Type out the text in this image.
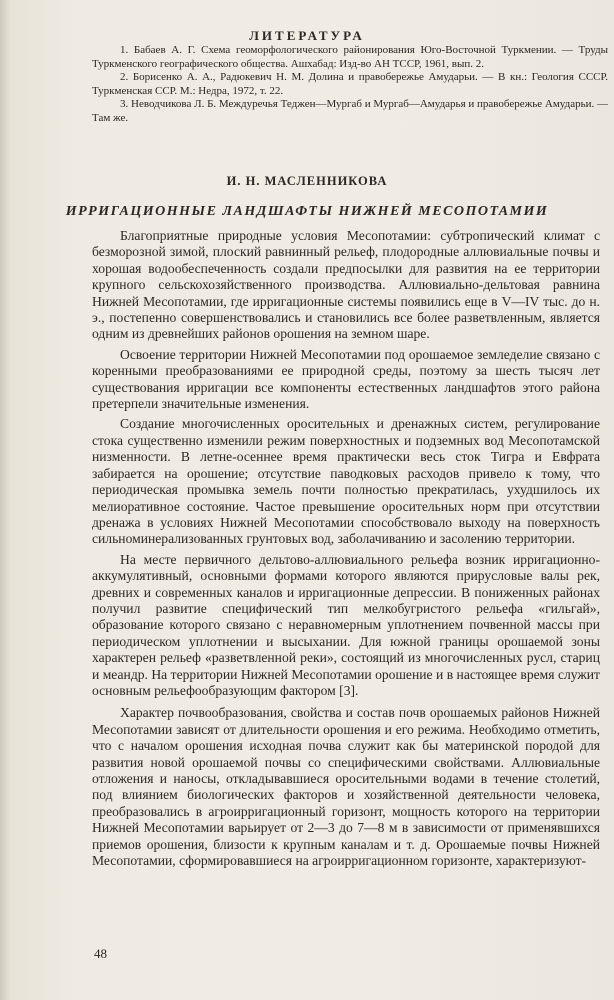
ЛИТЕРАТУРА

1. Бабаев А. Г. Схема геоморфологического районирования Юго-Восточной Туркмении. — Труды Туркменского географического общества. Ашхабад: Изд-во АН ТССР, 1961, вып. 2.

2. Борисенко А. А., Радюкевич Н. М. Долина и правобережье Амударьи. — В кн.: Геология СССР. Туркменская ССР. М.: Недра, 1972, т. 22.

3. Неводчикова Л. Б. Междуречья Теджен—Мургаб и Мургаб—Амударья и правобережье Амударьи. — Там же.

И. Н. МАСЛЕННИКОВА
ИРРИГАЦИОННЫЕ ЛАНДШАФТЫ НИЖНЕЙ МЕСОПОТАМИИ

Благоприятные природные условия Месопотамии: субтропический климат с безморозной зимой, плоский равнинный рельеф, плодородные аллювиальные почвы и хорошая водообеспеченность создали предпосылки для развития на ее территории крупного сельскохозяйственного производства. Аллювиально-дельтовая равнина Нижней Месопотамии, где ирригационные системы появились еще в V—IV тыс. до н. э., постепенно совершенствовались и становились все более разветвленным, является одним из древнейших районов орошения на земном шаре.

Освоение территории Нижней Месопотамии под орошаемое земледелие связано с коренными преобразованиями ее природной среды, поэтому за шесть тысяч лет существования ирригации все компоненты естественных ландшафтов этого района претерпели значительные изменения.

Создание многочисленных оросительных и дренажных систем, регулирование стока существенно изменили режим поверхностных и подземных вод Месопотамской низменности. В летне-осеннее время практически весь сток Тигра и Евфрата забирается на орошение; отсутствие паводковых расходов привело к тому, что периодическая промывка земель почти полностью прекратилась, ухудшилось их мелиоративное состояние. Частое превышение оросительных норм при отсутствии дренажа в условиях Нижней Месопотамии способствовало выходу на поверхность сильноминерализованных грунтовых вод, заболачиванию и засолению территории.

На месте первичного дельтово-аллювиального рельефа возник ирригационно-аккумулятивный, основными формами которого являются прирусловые валы рек, древних и современных каналов и ирригационные депрессии. В пониженных районах получил развитие специфический тип мелкобугристого рельефа «гильгай», образование которого связано с неравномерным уплотнением почвенной массы при периодическом уплотнении и высыхании. Для южной границы орошаемой зоны характерен рельеф «разветвленной реки», состоящий из многочисленных русл, стариц и меандр. На территории Нижней Месопотамии орошение и в настоящее время служит основным рельефообразующим фактором [3].

Характер почвообразования, свойства и состав почв орошаемых районов Нижней Месопотамии зависят от длительности орошения и его режима. Необходимо отметить, что с началом орошения исходная почва служит как бы материнской породой для развития новой орошаемой почвы со специфическими свойствами. Аллювиальные отложения и наносы, откладывавшиеся оросительными водами в течение столетий, под влиянием биологических факторов и хозяйственной деятельности человека, преобразовались в агроирригационный горизонт, мощность которого на территории Нижней Месопотамии варьирует от 2—3 до 7—8 м в зависимости от применявшихся приемов орошения, близости к крупным каналам и т. д. Орошаемые почвы Нижней Месопотамии, сформировавшиеся на агроирригационном горизонте, характеризуют-

48
